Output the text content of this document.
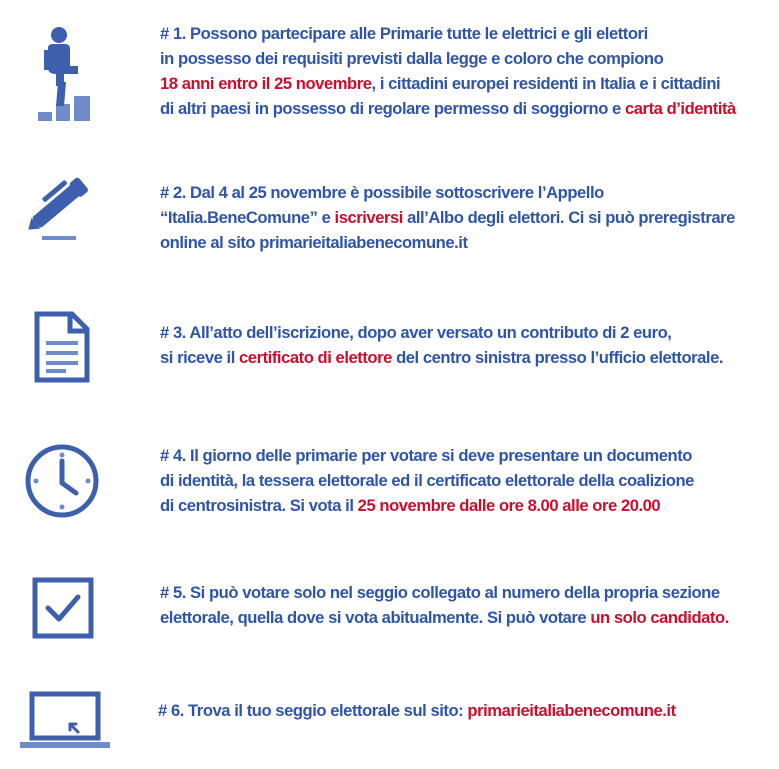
# 1. Possono partecipare alle Primarie tutte le elettrici e gli elettori
in possesso dei requisiti previsti dalla legge e coloro che compiono
18 anni entro il 25 novembre, i cittadini europei residenti in Italia e i cittadini
di altri paesi in possesso di regolare permesso di soggiorno e carta d’identità
# 2. Dal 4 al 25 novembre è possibile sottoscrivere l’Appello
“Italia.BeneComune” e iscriversi all’Albo degli elettori. Ci si può preregistrare
online al sito primarieitaliabenecomune.it
# 3. All’atto dell’iscrizione, dopo aver versato un contributo di 2 euro,
si riceve il certificato di elettore del centro sinistra presso l’ufficio elettorale.
# 4. Il giorno delle primarie per votare si deve presentare un documento
di identità, la tessera elettorale ed il certificato elettorale della coalizione
di centrosinistra. Si vota il 25 novembre dalle ore 8.00 alle ore 20.00
# 5. Si può votare solo nel seggio collegato al numero della propria sezione
elettorale, quella dove si vota abitualmente. Si può votare un solo candidato.
# 6. Trova il tuo seggio elettorale sul sito: primarieitaliabenecomune.it
